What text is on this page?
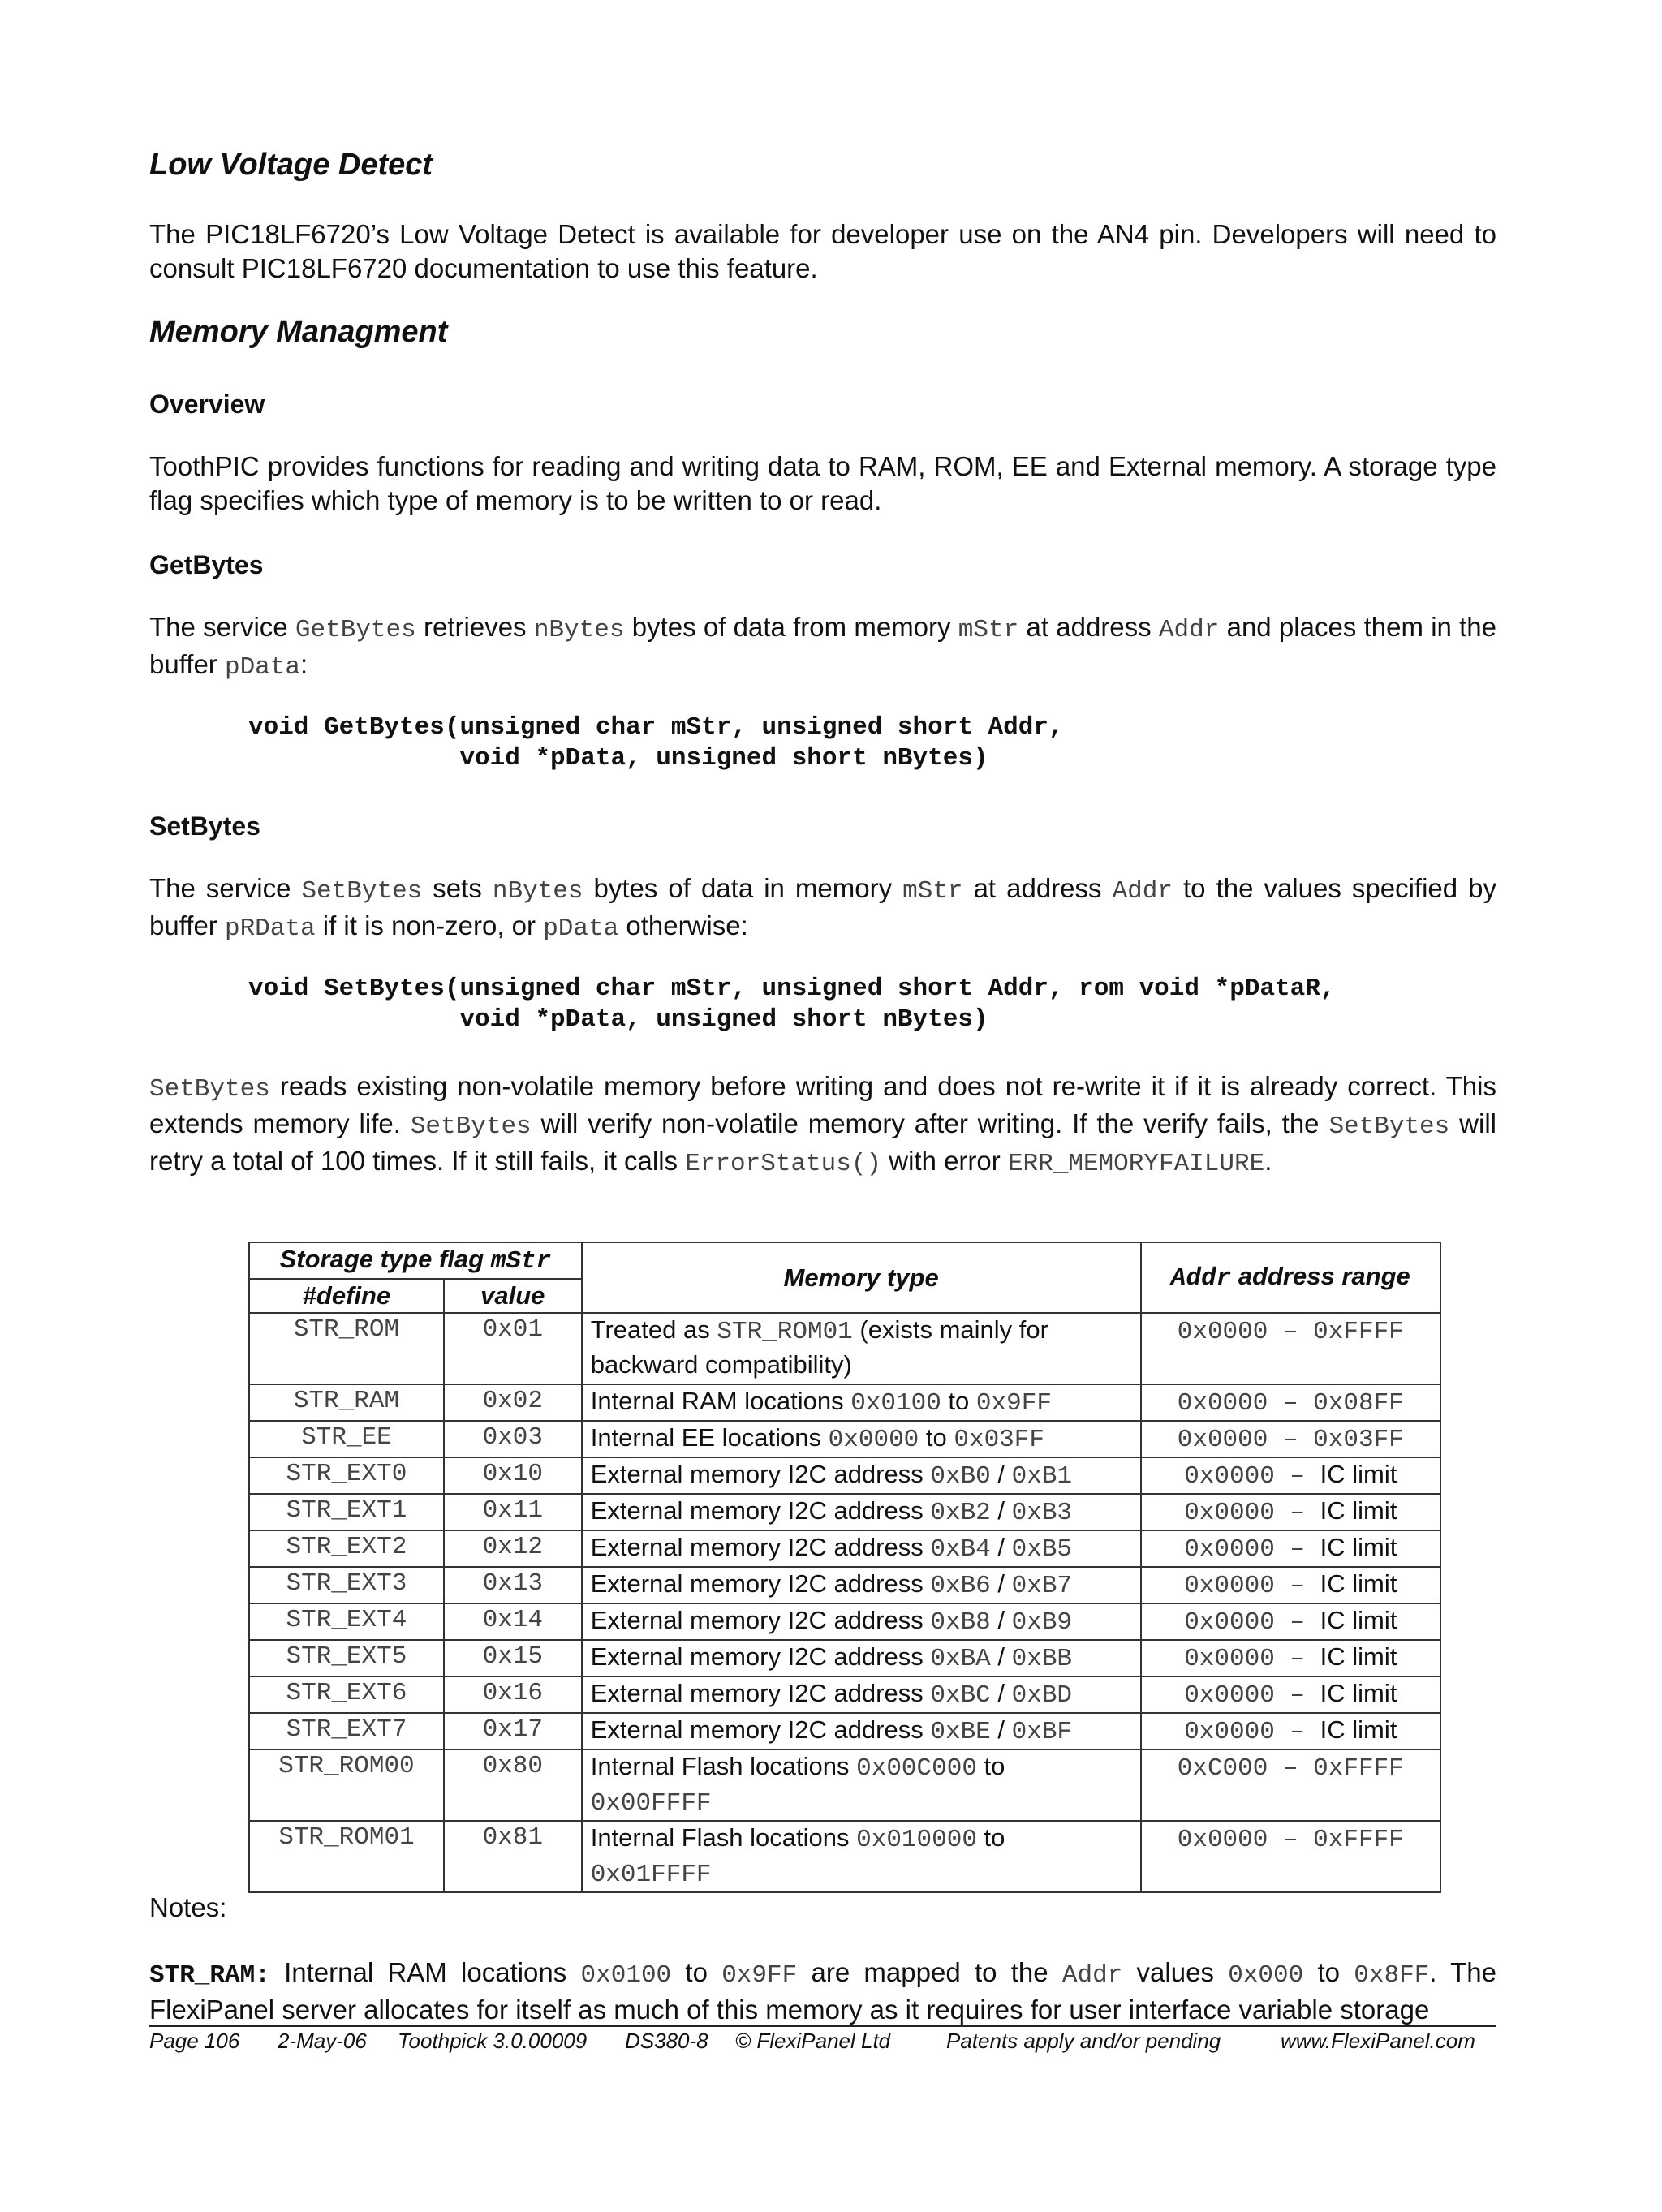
Low Voltage Detect

The PIC18LF6720’s Low Voltage Detect is available for developer use on the AN4 pin. Developers will need to consult PIC18LF6720 documentation to use this feature.

Memory Managment
Overview

ToothPIC provides functions for reading and writing data to RAM, ROM, EE and External memory. A storage type flag specifies which type of memory is to be written to or read.

GetBytes

The service GetBytes retrieves nBytes bytes of data from memory mStr at address Addr and places them in the buffer pData:

void GetBytes(unsigned char mStr, unsigned short Addr,
void *pData, unsigned short nBytes)
SetBytes

The service SetBytes sets nBytes bytes of data in memory mStr at address Addr to the values specified by buffer pRData if it is non-zero, or pData otherwise:

void SetBytes(unsigned char mStr, unsigned short Addr, rom void *pDataR,
void *pData, unsigned short nBytes)

SetBytes reads existing non-volatile memory before writing and does not re-write it if it is already correct. This extends memory life. SetBytes will verify non-volatile memory after writing. If the verify fails, the SetBytes will retry a total of 100 times. If it still fails, it calls ErrorStatus() with error ERR_MEMORYFAILURE.

Storage type flag mStr		Memory type	Addr address range
#define	value		
STR_ROM	0x01	Treated as STR_ROM01 (exists mainly for backward compatibility)	0x0000 – 0xFFFF
STR_RAM	0x02	Internal RAM locations 0x0100 to 0x9FF	0x0000 – 0x08FF
STR_EE	0x03	Internal EE locations 0x0000 to 0x03FF	0x0000 – 0x03FF
STR_EXT0	0x10	External memory I2C address 0xB0 / 0xB1	0x0000 – IC limit
STR_EXT1	0x11	External memory I2C address 0xB2 / 0xB3	0x0000 – IC limit
STR_EXT2	0x12	External memory I2C address 0xB4 / 0xB5	0x0000 – IC limit
STR_EXT3	0x13	External memory I2C address 0xB6 / 0xB7	0x0000 – IC limit
STR_EXT4	0x14	External memory I2C address 0xB8 / 0xB9	0x0000 – IC limit
STR_EXT5	0x15	External memory I2C address 0xBA / 0xBB	0x0000 – IC limit
STR_EXT6	0x16	External memory I2C address 0xBC / 0xBD	0x0000 – IC limit
STR_EXT7	0x17	External memory I2C address 0xBE / 0xBF	0x0000 – IC limit
STR_ROM00	0x80	Internal Flash locations 0x00C000 to 0x00FFFF	0xC000 – 0xFFFF
STR_ROM01	0x81	Internal Flash locations 0x010000 to 0x01FFFF	0x0000 – 0xFFFF

Notes:

STR_RAM: Internal RAM locations 0x0100 to 0x9FF are mapped to the Addr values 0x000 to 0x8FF. The FlexiPanel server allocates for itself as much of this memory as it requires for user interface variable storage

Page 106 2-May-06 Toothpick 3.0.00009 DS380-8 © FlexiPanel Ltd	Patents apply and/or pending	www.FlexiPanel.com
